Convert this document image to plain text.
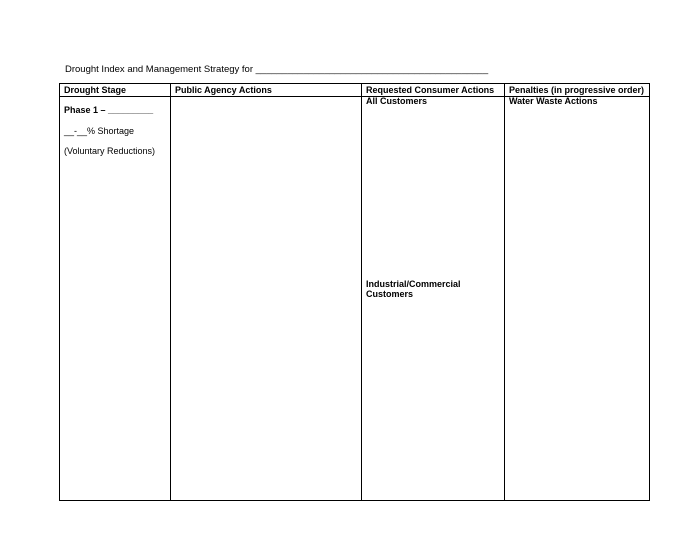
Drought Index and Management Strategy for ____________________________________________
Drought Stage	Public Agency Actions	Requested Consumer Actions Penalties (in progressive order)
Phase 1 – _________
__-__% Shortage
(Voluntary Reductions)
All Customers
Industrial/Commercial
Customers
Water Waste Actions
